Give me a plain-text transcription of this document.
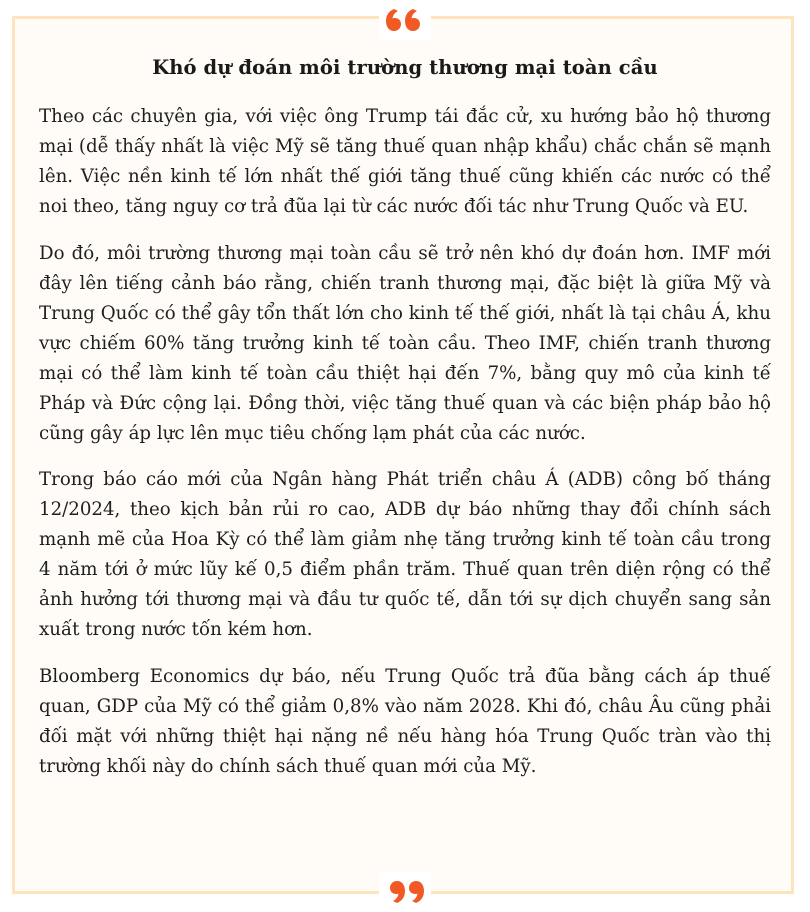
Khó dự đoán môi trường thương mại toàn cầu

Theo các chuyên gia, với việc ông Trump tái đắc cử, xu hướng bảo hộ thương mại (dễ thấy nhất là việc Mỹ sẽ tăng thuế quan nhập khẩu) chắc chắn sẽ mạnh lên. Việc nền kinh tế lớn nhất thế giới tăng thuế cũng khiến các nước có thể noi theo, tăng nguy cơ trả đũa lại từ các nước đối tác như Trung Quốc và EU.

Do đó, môi trường thương mại toàn cầu sẽ trở nên khó dự đoán hơn. IMF mới đây lên tiếng cảnh báo rằng, chiến tranh thương mại, đặc biệt là giữa Mỹ và Trung Quốc có thể gây tổn thất lớn cho kinh tế thế giới, nhất là tại châu Á, khu vực chiếm 60% tăng trưởng kinh tế toàn cầu. Theo IMF, chiến tranh thương mại có thể làm kinh tế toàn cầu thiệt hại đến 7%, bằng quy mô của kinh tế Pháp và Đức cộng lại. Đồng thời, việc tăng thuế quan và các biện pháp bảo hộ cũng gây áp lực lên mục tiêu chống lạm phát của các nước.

Trong báo cáo mới của Ngân hàng Phát triển châu Á (ADB) công bố tháng 12/2024, theo kịch bản rủi ro cao, ADB dự báo những thay đổi chính sách mạnh mẽ của Hoa Kỳ có thể làm giảm nhẹ tăng trưởng kinh tế toàn cầu trong 4 năm tới ở mức lũy kế 0,5 điểm phần trăm. Thuế quan trên diện rộng có thể ảnh hưởng tới thương mại và đầu tư quốc tế, dẫn tới sự dịch chuyển sang sản xuất trong nước tốn kém hơn.

Bloomberg Economics dự báo, nếu Trung Quốc trả đũa bằng cách áp thuế quan, GDP của Mỹ có thể giảm 0,8% vào năm 2028. Khi đó, châu Âu cũng phải đối mặt với những thiệt hại nặng nề nếu hàng hóa Trung Quốc tràn vào thị trường khối này do chính sách thuế quan mới của Mỹ.
